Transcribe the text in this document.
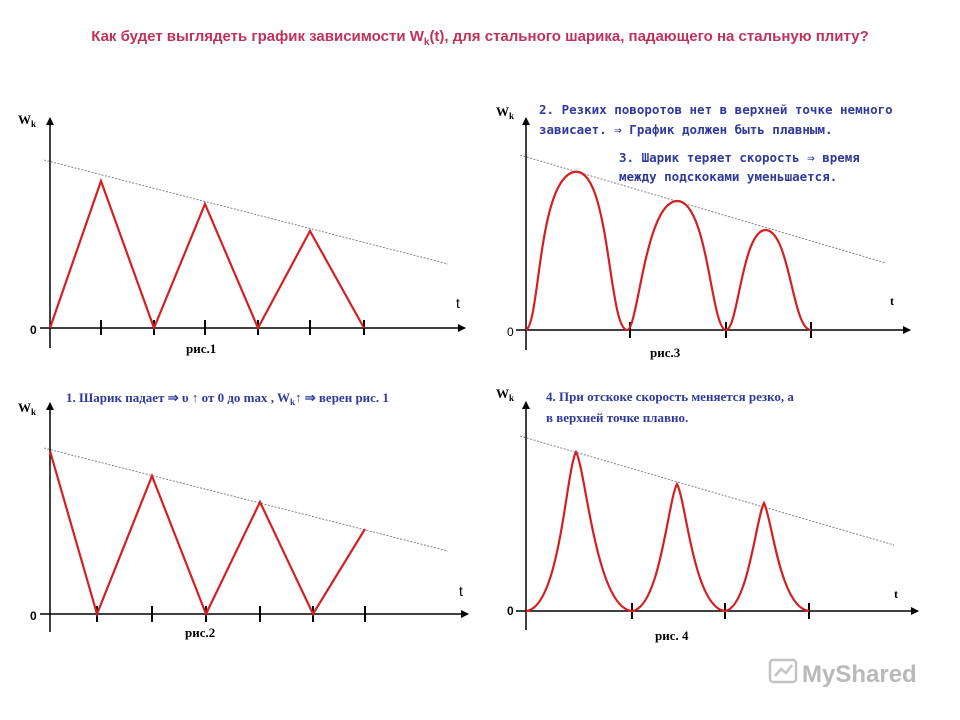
Как будет выглядеть график зависимости $W_k(t)$, для стального шарика, падающего на стальную плиту?
$W_k$
t
0
рис.1
$W_k$
t
0
рис.3
$W_k$
t
0
рис.2
$W_k$
t
0
рис. 4
1. Шарик падает ⇒ υ ↑ от 0 до max , $W_k↑$ ⇒ верен рис. 1
2. Резких поворотов нет в верхней точке немного
зависает. ⇒ График должен быть плавным.
3. Шарик теряет скорость ⇒ время
между подскоками уменьшается.
4. При отскоке скорость меняется резко, а
в верхней точке плавно.
MyShared
